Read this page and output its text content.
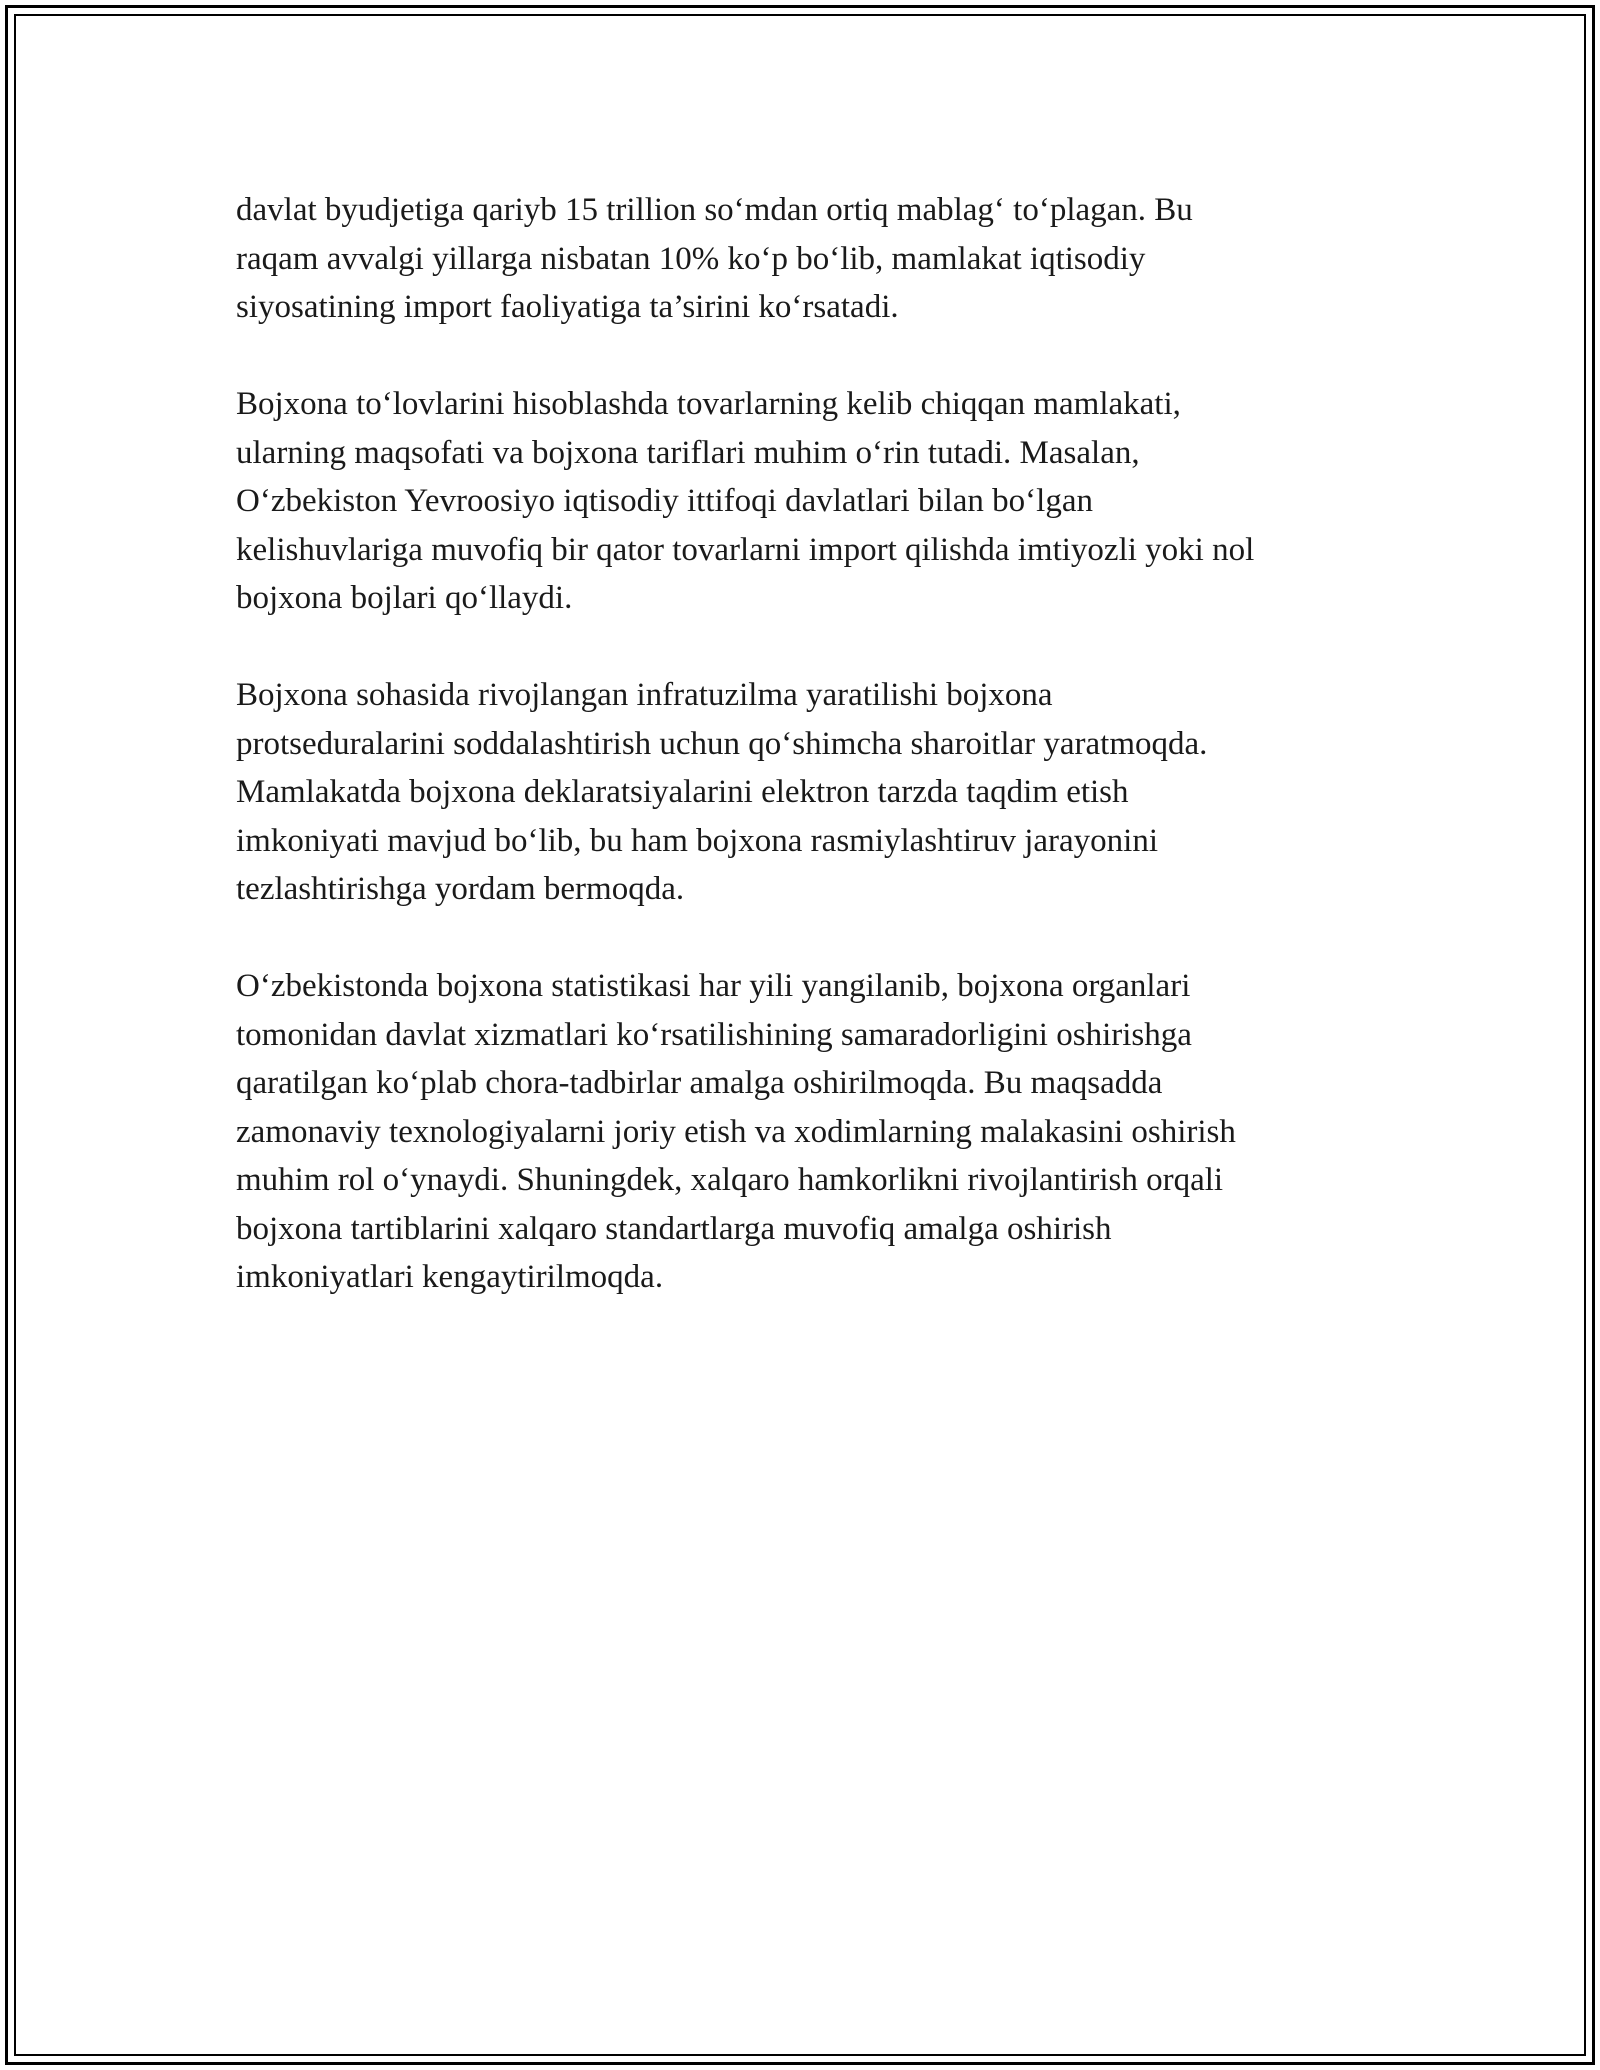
davlat byudjetiga qariyb 15 trillion so‘mdan ortiq mablag‘ to‘plagan. Bu
raqam avvalgi yillarga nisbatan 10% ko‘p bo‘lib, mamlakat iqtisodiy
siyosatining import faoliyatiga ta’sirini ko‘rsatadi.

Bojxona to‘lovlarini hisoblashda tovarlarning kelib chiqqan mamlakati,
ularning maqsofati va bojxona tariflari muhim o‘rin tutadi. Masalan,
O‘zbekiston Yevroosiyo iqtisodiy ittifoqi davlatlari bilan bo‘lgan
kelishuvlariga muvofiq bir qator tovarlarni import qilishda imtiyozli yoki nol
bojxona bojlari qo‘llaydi.

Bojxona sohasida rivojlangan infratuzilma yaratilishi bojxona
protseduralarini soddalashtirish uchun qo‘shimcha sharoitlar yaratmoqda.
Mamlakatda bojxona deklaratsiyalarini elektron tarzda taqdim etish
imkoniyati mavjud bo‘lib, bu ham bojxona rasmiylashtiruv jarayonini
tezlashtirishga yordam bermoqda.

O‘zbekistonda bojxona statistikasi har yili yangilanib, bojxona organlari
tomonidan davlat xizmatlari ko‘rsatilishining samaradorligini oshirishga
qaratilgan ko‘plab chora-tadbirlar amalga oshirilmoqda. Bu maqsadda
zamonaviy texnologiyalarni joriy etish va xodimlarning malakasini oshirish
muhim rol o‘ynaydi. Shuningdek, xalqaro hamkorlikni rivojlantirish orqali
bojxona tartiblarini xalqaro standartlarga muvofiq amalga oshirish
imkoniyatlari kengaytirilmoqda.
